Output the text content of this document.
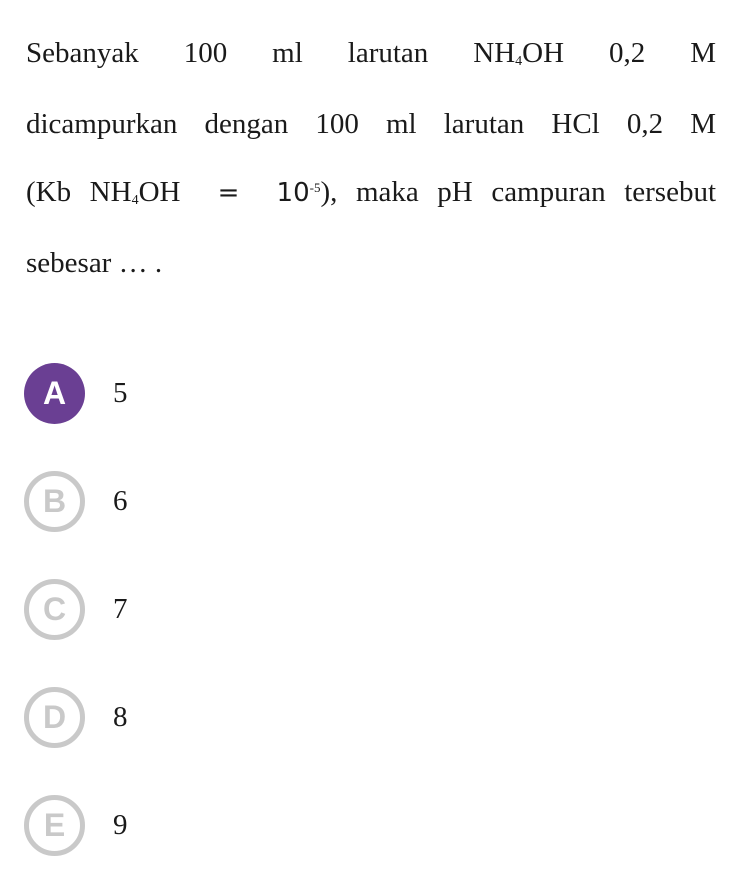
Sebanyak 100 ml larutan $NH_4OH$ 0,2 M
dicampurkan dengan 100 ml larutan HCl 0,2 M
(Kb $NH_4OH = 10^{-5}$), maka pH campuran tersebut
sebesar … .
A	5
B	6
C	7
D	8
E	9
